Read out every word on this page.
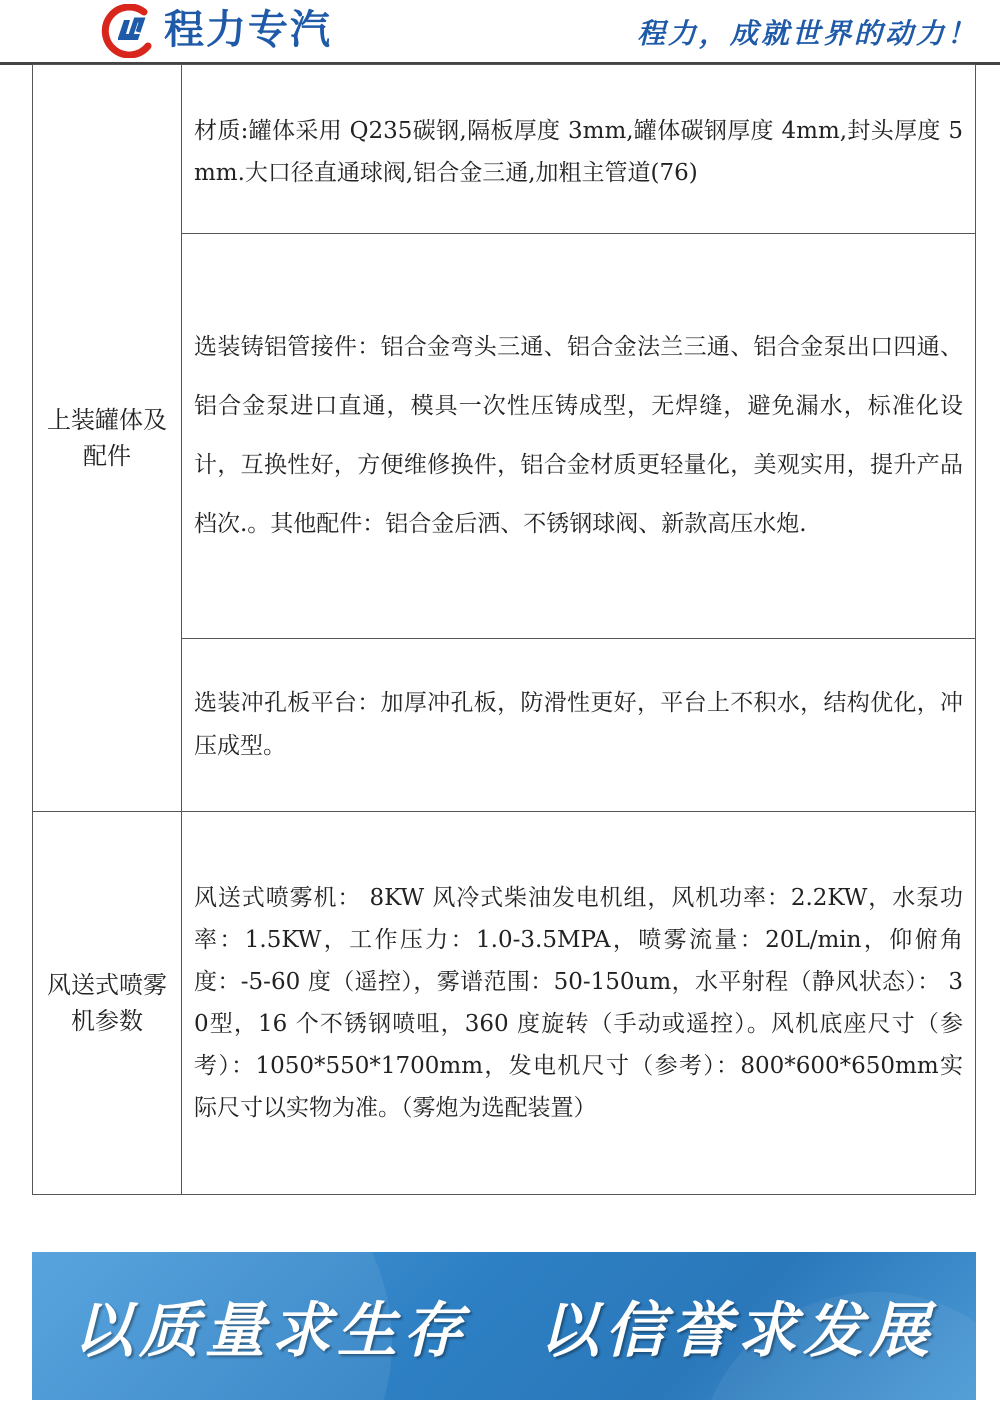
程力专汽	程力，成就世界的动力！
上装罐体及配件	材质:罐体采用 Q235碳钢,隔板厚度 3mm,罐体碳钢厚度 4mm,封头厚度 5mm.大口径直通球阀,铝合金三通,加粗主管道(76)

	选装铸铝管接件：铝合金弯头三通、铝合金法兰三通、铝合金泵出口四通、铝合金泵进口直通，模具一次性压铸成型，无焊缝，避免漏水，标准化设计，互换性好，方便维修换件，铝合金材质更轻量化，美观实用，提升产品档次.。其他配件：铝合金后洒、不锈钢球阀、新款高压水炮.

	选装冲孔板平台：加厚冲孔板，防滑性更好，平台上不积水，结构优化，冲压成型。

风送式喷雾机参数	风送式喷雾机： 8KW 风冷式柴油发电机组，风机功率：2.2KW，水泵功率：1.5KW，工作压力：1.0-3.5MPA，喷雾流量：20L/min，仰俯角度：-5-60 度（遥控），雾谱范围：50-150um，水平射程（静风状态）： 30型，16 个不锈钢喷咀，360 度旋转（手动或遥控）。风机底座尺寸（参考）：1050*550*1700mm，发电机尺寸（参考）：800*600*650mm实际尺寸以实物为准。（雾炮为选配装置）
以质量求生存 以信誉求发展
